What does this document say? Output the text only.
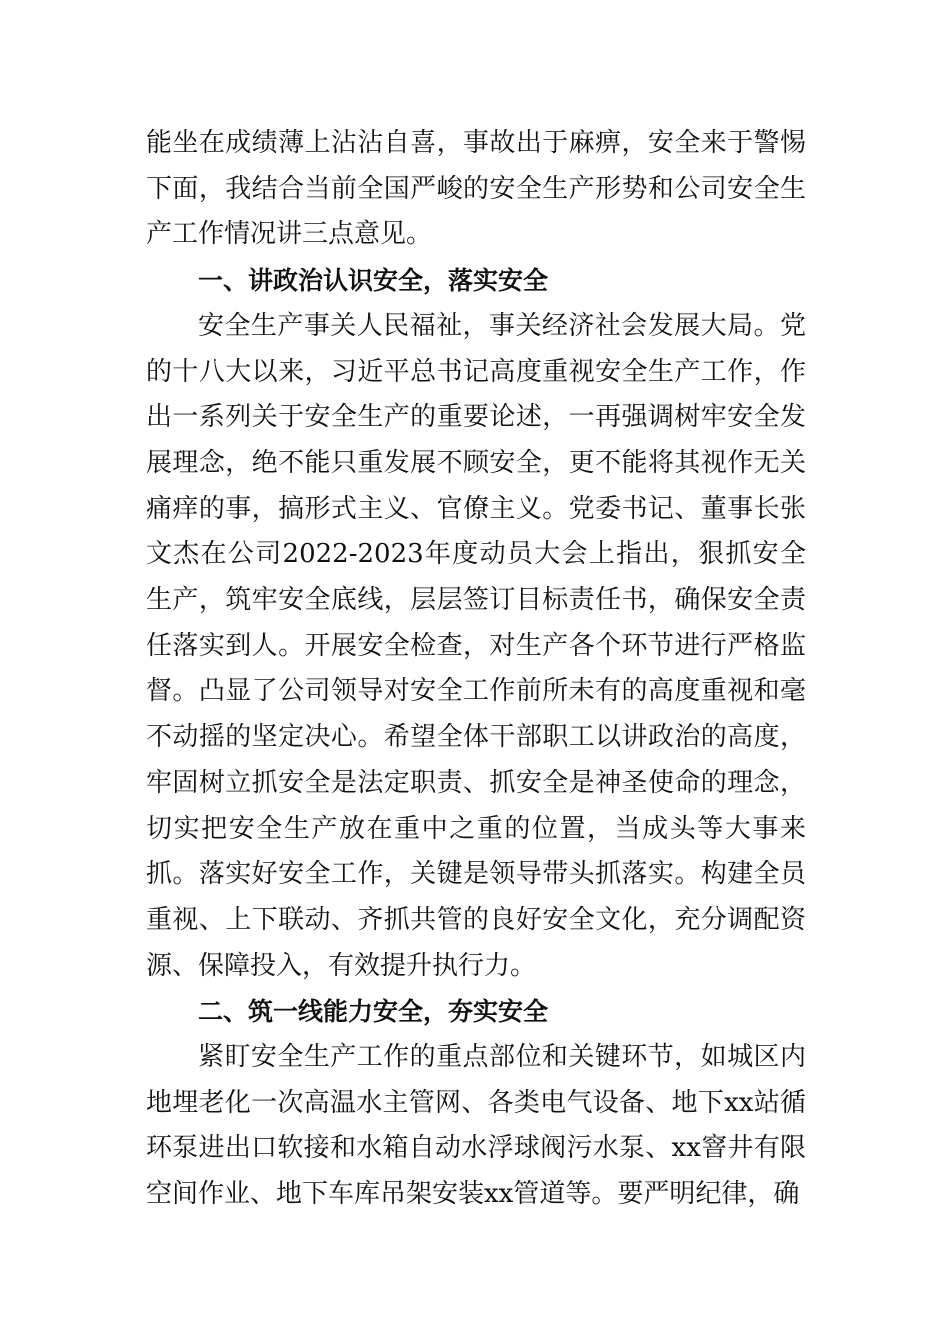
能坐在成绩薄上沾沾自喜，事故出于麻痹，安全来于警惕下面，我结合当前全国严峻的安全生产形势和公司安全生产工作情况讲三点意见。

一、讲政治认识安全，落实安全

安全生产事关人民福祉，事关经济社会发展大局。党的十八大以来，习近平总书记高度重视安全生产工作，作出一系列关于安全生产的重要论述，一再强调树牢安全发展理念，绝不能只重发展不顾安全，更不能将其视作无关痛痒的事，搞形式主义、官僚主义。党委书记、董事长张文杰在公司2022-2023年度动员大会上指出，狠抓安全生产，筑牢安全底线，层层签订目标责任书，确保安全责任落实到人。开展安全检查，对生产各个环节进行严格监督。凸显了公司领导对安全工作前所未有的高度重视和毫不动摇的坚定决心。希望全体干部职工以讲政治的高度，牢固树立抓安全是法定职责、抓安全是神圣使命的理念，切实把安全生产放在重中之重的位置，当成头等大事来抓。落实好安全工作，关键是领导带头抓落实。构建全员重视、上下联动、齐抓共管的良好安全文化，充分调配资源、保障投入，有效提升执行力。

二、筑一线能力安全，夯实安全

紧盯安全生产工作的重点部位和关键环节，如城区内地埋老化一次高温水主管网、各类电气设备、地下xx站循环泵进出口软接和水箱自动水浮球阀污水泵、xx窨井有限空间作业、地下车库吊架安装xx管道等。要严明纪律，确
